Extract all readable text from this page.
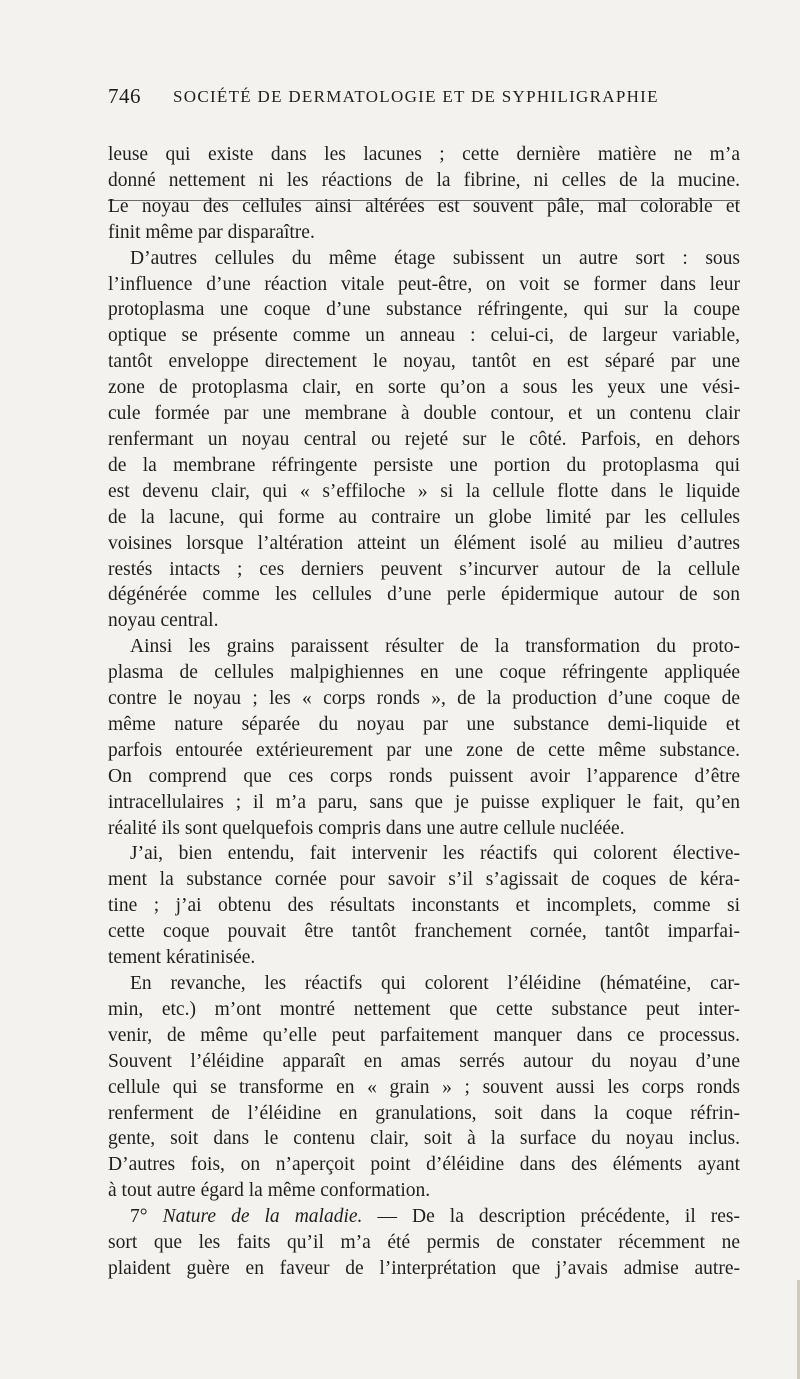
746 SOCIÉTÉ DE DERMATOLOGIE ET DE SYPHILIGRAPHIE
leuse qui existe dans les lacunes ; cette dernière matière ne m’a
donné nettement ni les réactions de la fibrine, ni celles de la mucine.
Le noyau des cellules ainsi altérées est souvent pâle, mal colorable et
finit même par disparaître.
D’autres cellules du même étage subissent un autre sort : sous
l’influence d’une réaction vitale peut-être, on voit se former dans leur
protoplasma une coque d’une substance réfringente, qui sur la coupe
optique se présente comme un anneau : celui-ci, de largeur variable,
tantôt enveloppe directement le noyau, tantôt en est séparé par une
zone de protoplasma clair, en sorte qu’on a sous les yeux une vési-
cule formée par une membrane à double contour, et un contenu clair
renfermant un noyau central ou rejeté sur le côté. Parfois, en dehors
de la membrane réfringente persiste une portion du protoplasma qui
est devenu clair, qui « s’effiloche » si la cellule flotte dans le liquide
de la lacune, qui forme au contraire un globe limité par les cellules
voisines lorsque l’altération atteint un élément isolé au milieu d’autres
restés intacts ; ces derniers peuvent s’incurver autour de la cellule
dégénérée comme les cellules d’une perle épidermique autour de son
noyau central.
Ainsi les grains paraissent résulter de la transformation du proto-
plasma de cellules malpighiennes en une coque réfringente appliquée
contre le noyau ; les « corps ronds », de la production d’une coque de
même nature séparée du noyau par une substance demi-liquide et
parfois entourée extérieurement par une zone de cette même substance.
On comprend que ces corps ronds puissent avoir l’apparence d’être
intracellulaires ; il m’a paru, sans que je puisse expliquer le fait, qu’en
réalité ils sont quelquefois compris dans une autre cellule nucléée.
J’ai, bien entendu, fait intervenir les réactifs qui colorent électivе-
ment la substance cornée pour savoir s’il s’agissait de coques de kéra-
tine ; j’ai obtenu des résultats inconstants et incomplets, comme si
cette coque pouvait être tantôt franchement cornée, tantôt imparfai-
tement kératinisée.
En revanche, les réactifs qui colorent l’éléidine (hématéine, car-
min, etc.) m’ont montré nettement que cette substance peut inter-
venir, de même qu’elle peut parfaitement manquer dans ce processus.
Souvent l’éléidine apparaît en amas serrés autour du noyau d’une
cellule qui se transforme en « grain » ; souvent aussi les corps ronds
renferment de l’éléidine en granulations, soit dans la coque réfrin-
gente, soit dans le contenu clair, soit à la surface du noyau inclus.
D’autres fois, on n’aperçoit point d’éléidine dans des éléments ayant
à tout autre égard la même conformation.
7° Nature de la maladie. — De la description précédente, il res-
sort que les faits qu’il m’a été permis de constater récemment ne
plaident guère en faveur de l’interprétation que j’avais admise autre-
